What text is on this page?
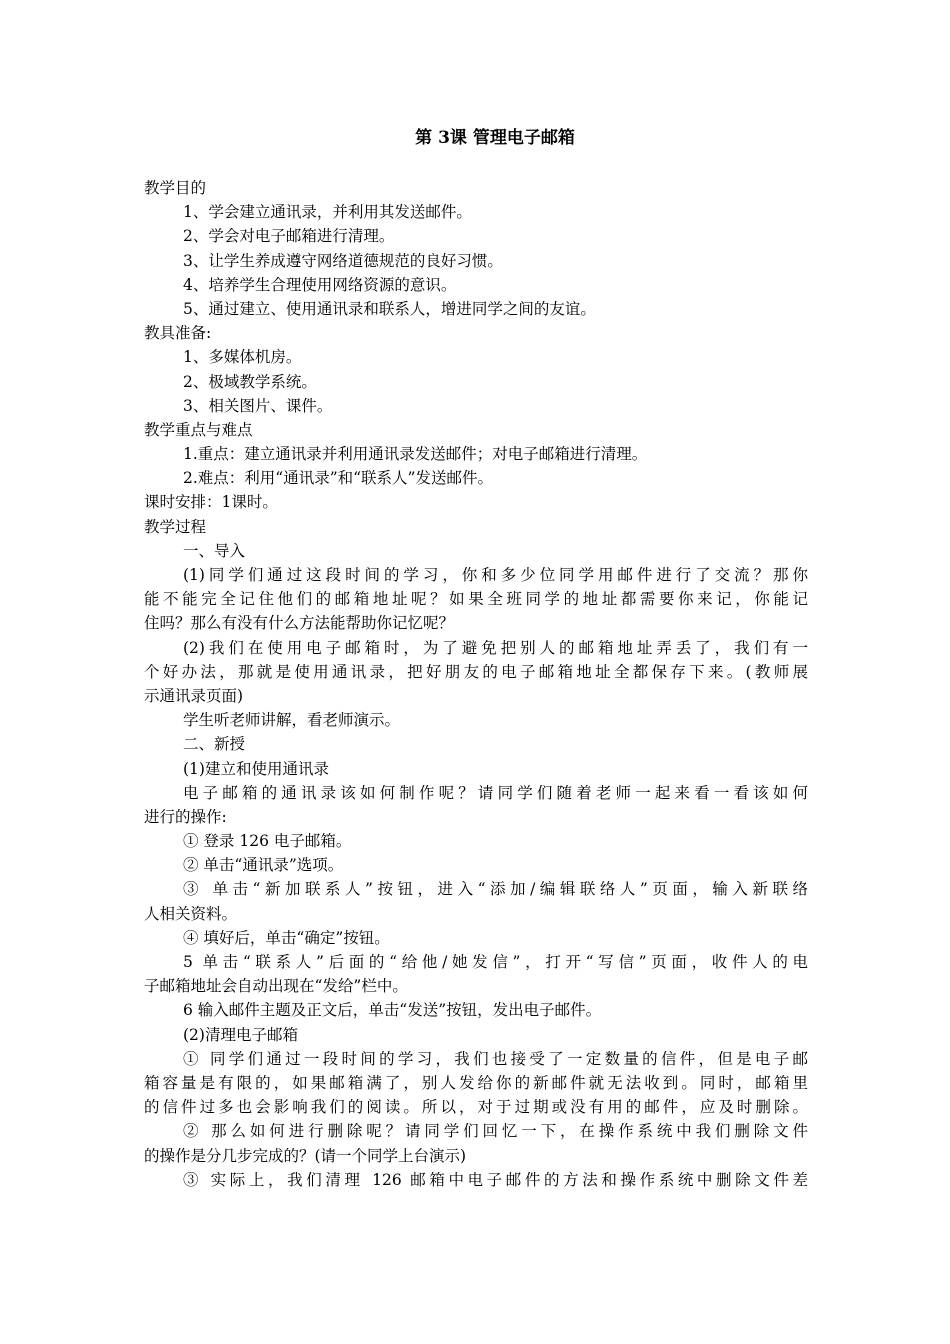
第 3课 管理电子邮箱
教学目的
1、学会建立通讯录，并利用其发送邮件。
2、学会对电子邮箱进行清理。
3、让学生养成遵守网络道德规范的良好习惯。
4、培养学生合理使用网络资源的意识。
5、通过建立、使用通讯录和联系人，增进同学之间的友谊。
教具准备:
1、多媒体机房。
2、极域教学系统。
3、相关图片、课件。
教学重点与难点
1.重点：建立通讯录并利用通讯录发送邮件；对电子邮箱进行清理。
2.难点：利用“通讯录”和“联系人”发送邮件。
课时安排：1课时。
教学过程
一、导入
(1)同学们通过这段时间的学习，你和多少位同学用邮件进行了交流？那你
能不能完全记住他们的邮箱地址呢？如果全班同学的地址都需要你来记，你能记
住吗？那么有没有什么方法能帮助你记忆呢？
(2)我们在使用电子邮箱时，为了避免把别人的邮箱地址弄丢了，我们有一
个好办法，那就是使用通讯录，把好朋友的电子邮箱地址全都保存下来。(教师展
示通讯录页面)
学生听老师讲解，看老师演示。
二、新授
(1)建立和使用通讯录
电子邮箱的通讯录该如何制作呢？请同学们随着老师一起来看一看该如何
进行的操作:
① 登录 126 电子邮箱。
② 单击“通讯录”选项。
③ 单击“新加联系人”按钮，进入“添加/编辑联络人”页面，输入新联络
人相关资料。
④ 填好后，单击“确定”按钮。
5 单击“联系人”后面的“给他/她发信”，打开“写信”页面，收件人的电
子邮箱地址会自动出现在“发给”栏中。
6 输入邮件主题及正文后，单击“发送”按钮，发出电子邮件。
(2)清理电子邮箱
① 同学们通过一段时间的学习，我们也接受了一定数量的信件，但是电子邮
箱容量是有限的，如果邮箱满了，别人发给你的新邮件就无法收到。同时，邮箱里
的信件过多也会影响我们的阅读。所以，对于过期或没有用的邮件，应及时删除。
② 那么如何进行删除呢？请同学们回忆一下，在操作系统中我们删除文件
的操作是分几步完成的？(请一个同学上台演示)
③ 实际上，我们清理 126 邮箱中电子邮件的方法和操作系统中删除文件差
